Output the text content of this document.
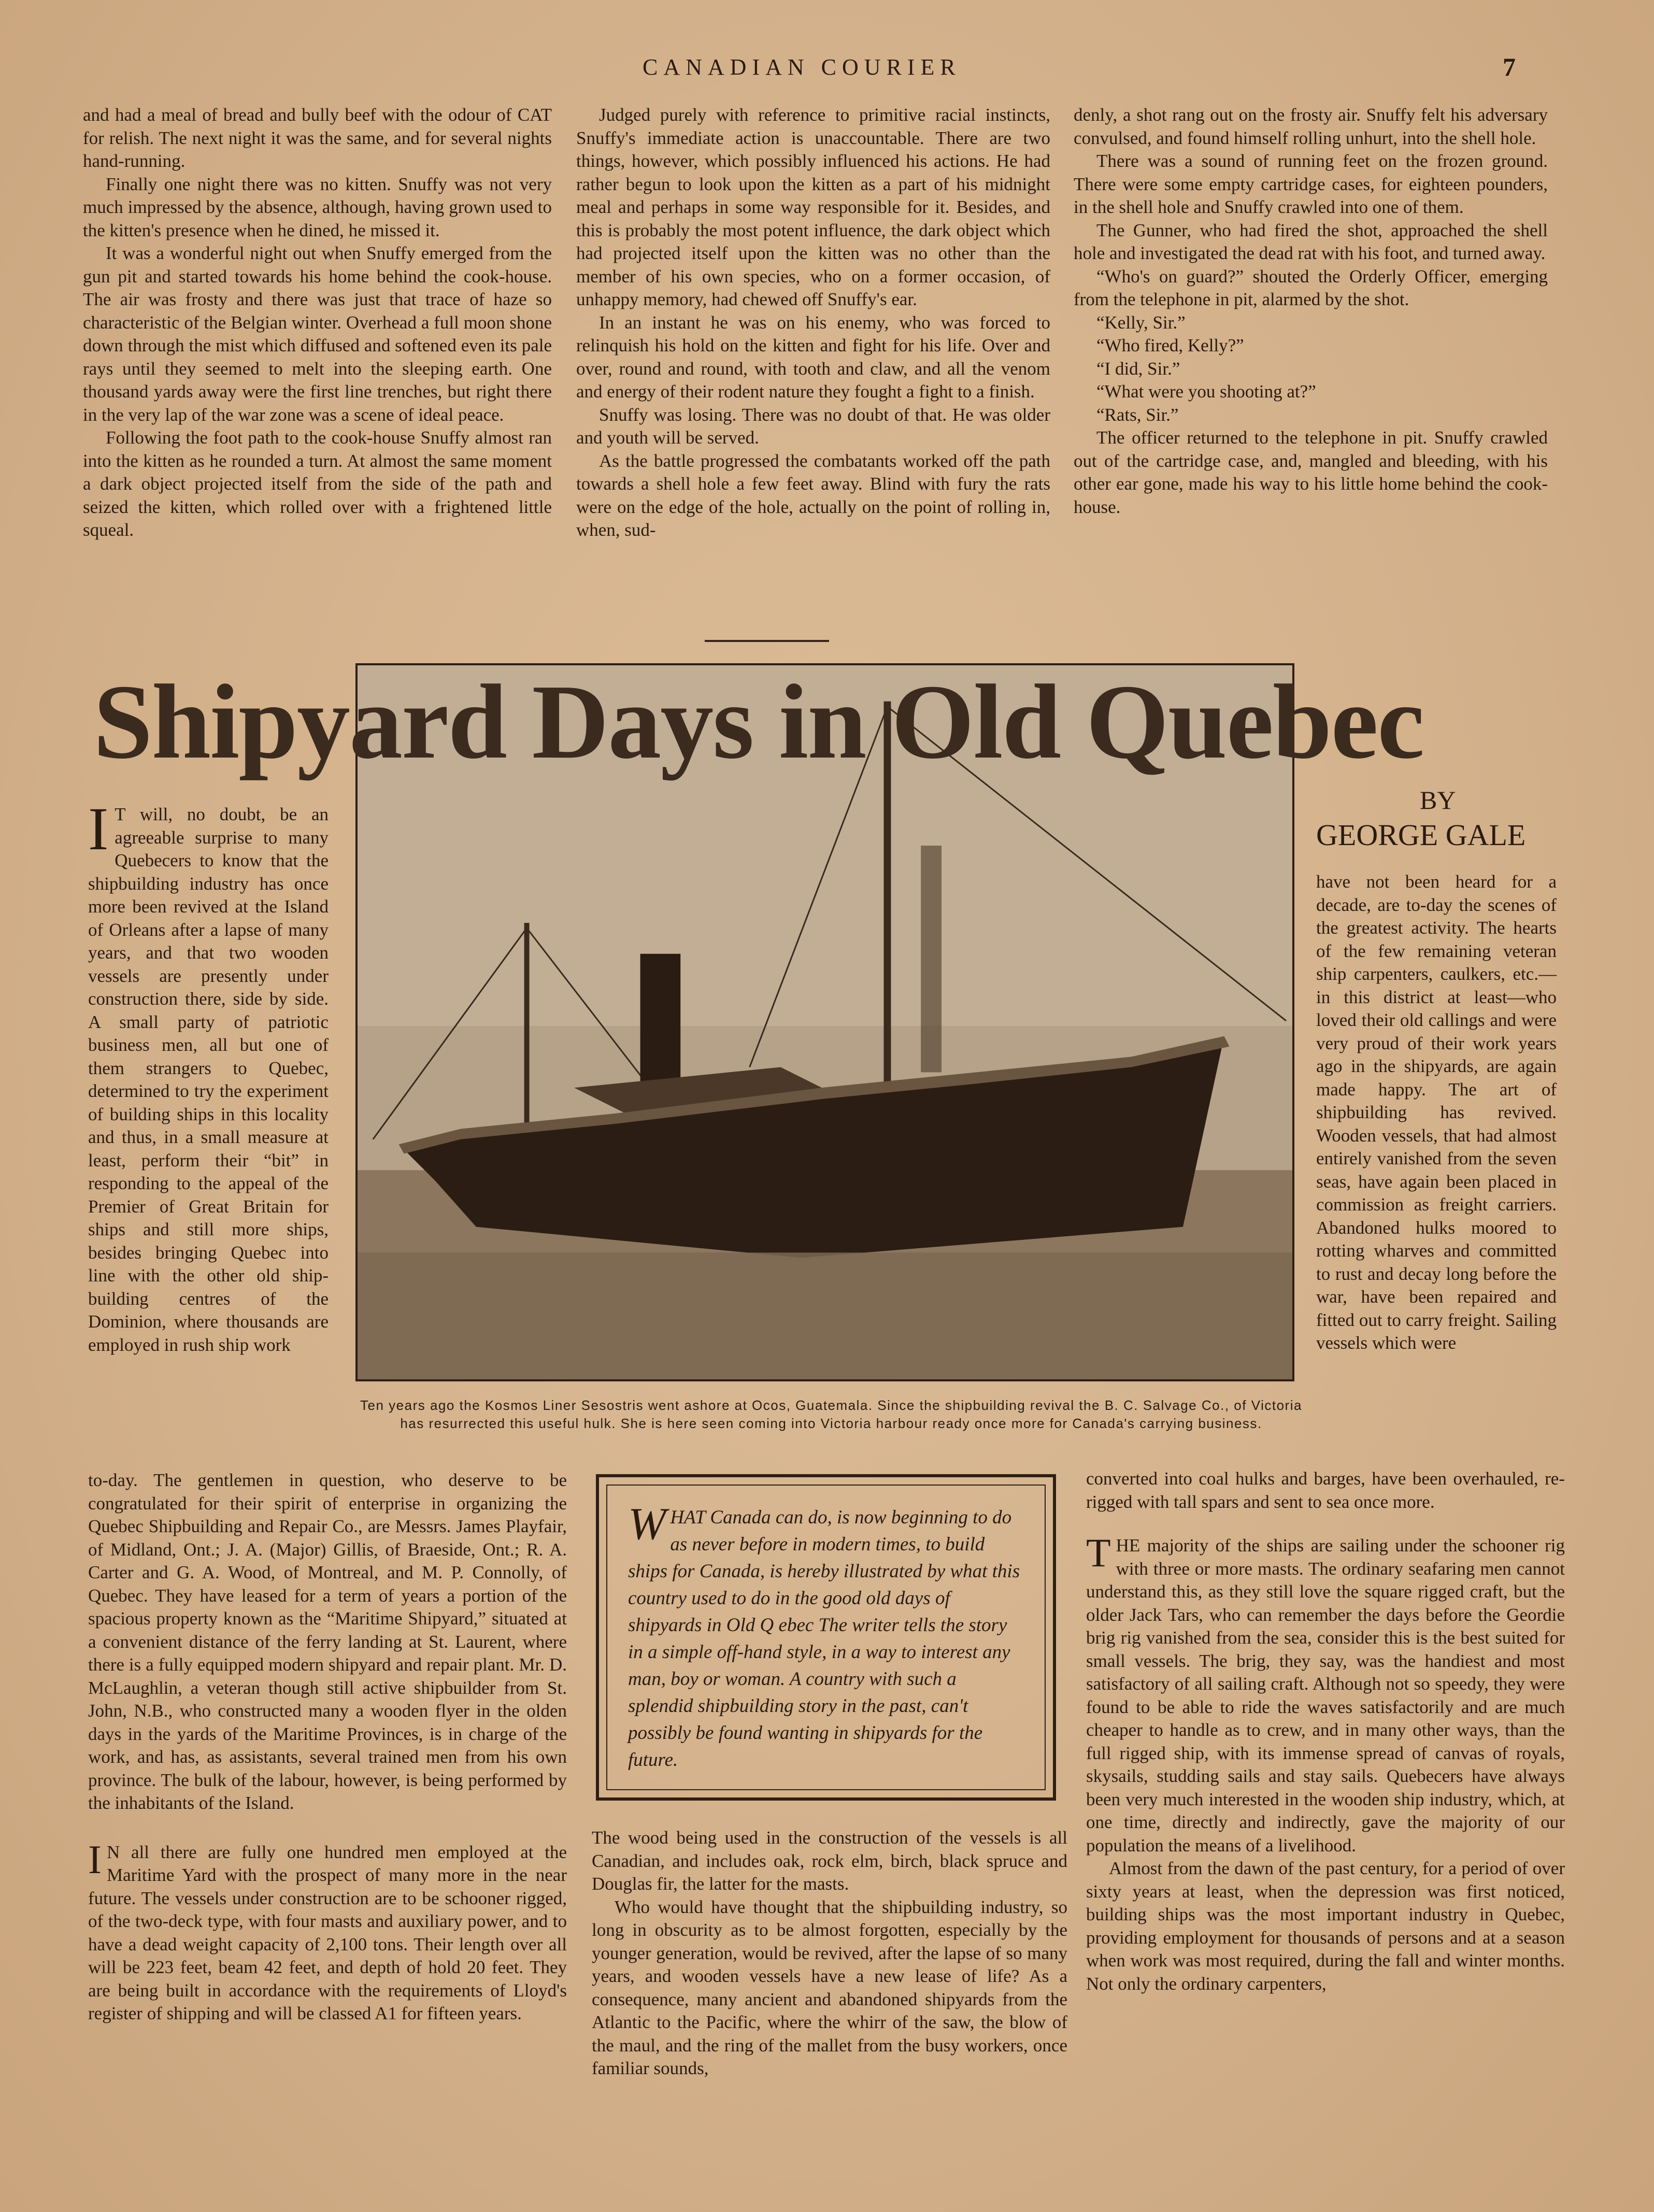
CANADIAN COURIER	7

and had a meal of bread and bully beef with the odour of CAT for relish. The next night it was the same, and for several nights hand-running.

Finally one night there was no kitten. Snuffy was not very much impressed by the absence, although, having grown used to the kitten's presence when he dined, he missed it.

It was a wonderful night out when Snuffy emerged from the gun pit and started towards his home behind the cook-house. The air was frosty and there was just that trace of haze so characteristic of the Belgian winter. Overhead a full moon shone down through the mist which diffused and softened even its pale rays until they seemed to melt into the sleeping earth. One thousand yards away were the first line trenches, but right there in the very lap of the war zone was a scene of ideal peace.

Following the foot path to the cook-house Snuffy almost ran into the kitten as he rounded a turn. At almost the same moment a dark object projected itself from the side of the path and seized the kitten, which rolled over with a frightened little squeal.

Judged purely with reference to primitive racial instincts, Snuffy's immediate action is unaccountable. There are two things, however, which possibly influenced his actions. He had rather begun to look upon the kitten as a part of his midnight meal and perhaps in some way responsible for it. Besides, and this is probably the most potent influence, the dark object which had projected itself upon the kitten was no other than the member of his own species, who on a former occasion, of unhappy memory, had chewed off Snuffy's ear.

In an instant he was on his enemy, who was forced to relinquish his hold on the kitten and fight for his life. Over and over, round and round, with tooth and claw, and all the venom and energy of their rodent nature they fought a fight to a finish.

Snuffy was losing. There was no doubt of that. He was older and youth will be served.

As the battle progressed the combatants worked off the path towards a shell hole a few feet away. Blind with fury the rats were on the edge of the hole, actually on the point of rolling in, when, sud-

denly, a shot rang out on the frosty air. Snuffy felt his adversary convulsed, and found himself rolling unhurt, into the shell hole.

There was a sound of running feet on the frozen ground. There were some empty cartridge cases, for eighteen pounders, in the shell hole and Snuffy crawled into one of them.

The Gunner, who had fired the shot, approached the shell hole and investigated the dead rat with his foot, and turned away.

“Who's on guard?” shouted the Orderly Officer, emerging from the telephone in pit, alarmed by the shot.

“Kelly, Sir.”

“Who fired, Kelly?”

“I did, Sir.”

“What were you shooting at?”

“Rats, Sir.”

The officer returned to the telephone in pit. Snuffy crawled out of the cartridge case, and, mangled and bleeding, with his other ear gone, made his way to his little home behind the cook-house.

Shipyard Days in Old Quebec
BY
GEORGE GALE
Ten years ago the Kosmos Liner Sesostris went ashore at Ocos, Guatemala. Since the shipbuilding revival the B. C. Salvage Co., of Victoria has resurrected this useful hulk. She is here seen coming into Victoria harbour ready once more for Canada's carrying business.

I T will, no doubt, be an agreeable surprise to many Quebecers to know that the shipbuilding industry has once more been revived at the Island of Orleans after a lapse of many years, and that two wooden vessels are presently under construction there, side by side. A small party of patriotic business men, all but one of them strangers to Quebec, determined to try the experiment of building ships in this locality and thus, in a small measure at least, perform their “bit” in responding to the appeal of the Premier of Great Britain for ships and still more ships, besides bringing Quebec into line with the other old ship-building centres of the Dominion, where thousands are employed in rush ship work

to-day. The gentlemen in question, who deserve to be congratulated for their spirit of enterprise in organizing the Quebec Shipbuilding and Repair Co., are Messrs. James Playfair, of Midland, Ont.; J. A. (Major) Gillis, of Braeside, Ont.; R. A. Carter and G. A. Wood, of Montreal, and M. P. Connolly, of Quebec. They have leased for a term of years a portion of the spacious property known as the “Maritime Shipyard,” situated at a convenient distance of the ferry landing at St. Laurent, where there is a fully equipped modern shipyard and repair plant. Mr. D. McLaughlin, a veteran though still active shipbuilder from St. John, N.B., who constructed many a wooden flyer in the olden days in the yards of the Maritime Provinces, is in charge of the work, and has, as assistants, several trained men from his own province. The bulk of the labour, however, is being performed by the inhabitants of the Island.

I N all there are fully one hundred men employed at the Maritime Yard with the prospect of many more in the near future. The vessels under construction are to be schooner rigged, of the two-deck type, with four masts and auxiliary power, and to have a dead weight capacity of 2,100 tons. Their length over all will be 223 feet, beam 42 feet, and depth of hold 20 feet. They are being built in accordance with the requirements of Lloyd's register of shipping and will be classed A1 for fifteen years.

WHAT Canada can do, is now beginning to do as never before in modern times, to build ships for Canada, is hereby illustrated by what this country used to do in the good old days of shipyards in Old Q ebec The writer tells the story in a simple off-hand style, in a way to interest any man, boy or woman. A country with such a splendid shipbuilding story in the past, can't possibly be found wanting in shipyards for the future.

The wood being used in the construction of the vessels is all Canadian, and includes oak, rock elm, birch, black spruce and Douglas fir, the latter for the masts.

Who would have thought that the shipbuilding industry, so long in obscurity as to be almost forgotten, especially by the younger generation, would be revived, after the lapse of so many years, and wooden vessels have a new lease of life? As a consequence, many ancient and abandoned shipyards from the Atlantic to the Pacific, where the whirr of the saw, the blow of the maul, and the ring of the mallet from the busy workers, once familiar sounds,

have not been heard for a decade, are to-day the scenes of the greatest activity. The hearts of the few remaining veteran ship carpenters, caulkers, etc.—in this district at least—who loved their old callings and were very proud of their work years ago in the shipyards, are again made happy. The art of shipbuilding has revived. Wooden vessels, that had almost entirely vanished from the seven seas, have again been placed in commission as freight carriers. Abandoned hulks moored to rotting wharves and committed to rust and decay long before the war, have been repaired and fitted out to carry freight. Sailing vessels which were

converted into coal hulks and barges, have been overhauled, re-rigged with tall spars and sent to sea once more.

THE majority of the ships are sailing under the schooner rig with three or more masts. The ordinary seafaring men cannot understand this, as they still love the square rigged craft, but the older Jack Tars, who can remember the days before the Geordie brig rig vanished from the sea, consider this is the best suited for small vessels. The brig, they say, was the handiest and most satisfactory of all sailing craft. Although not so speedy, they were found to be able to ride the waves satisfactorily and are much cheaper to handle as to crew, and in many other ways, than the full rigged ship, with its immense spread of canvas of royals, skysails, studding sails and stay sails. Quebecers have always been very much interested in the wooden ship industry, which, at one time, directly and indirectly, gave the majority of our population the means of a livelihood.

Almost from the dawn of the past century, for a period of over sixty years at least, when the depression was first noticed, building ships was the most important industry in Quebec, providing employment for thousands of persons and at a season when work was most required, during the fall and winter months. Not only the ordinary carpenters,
